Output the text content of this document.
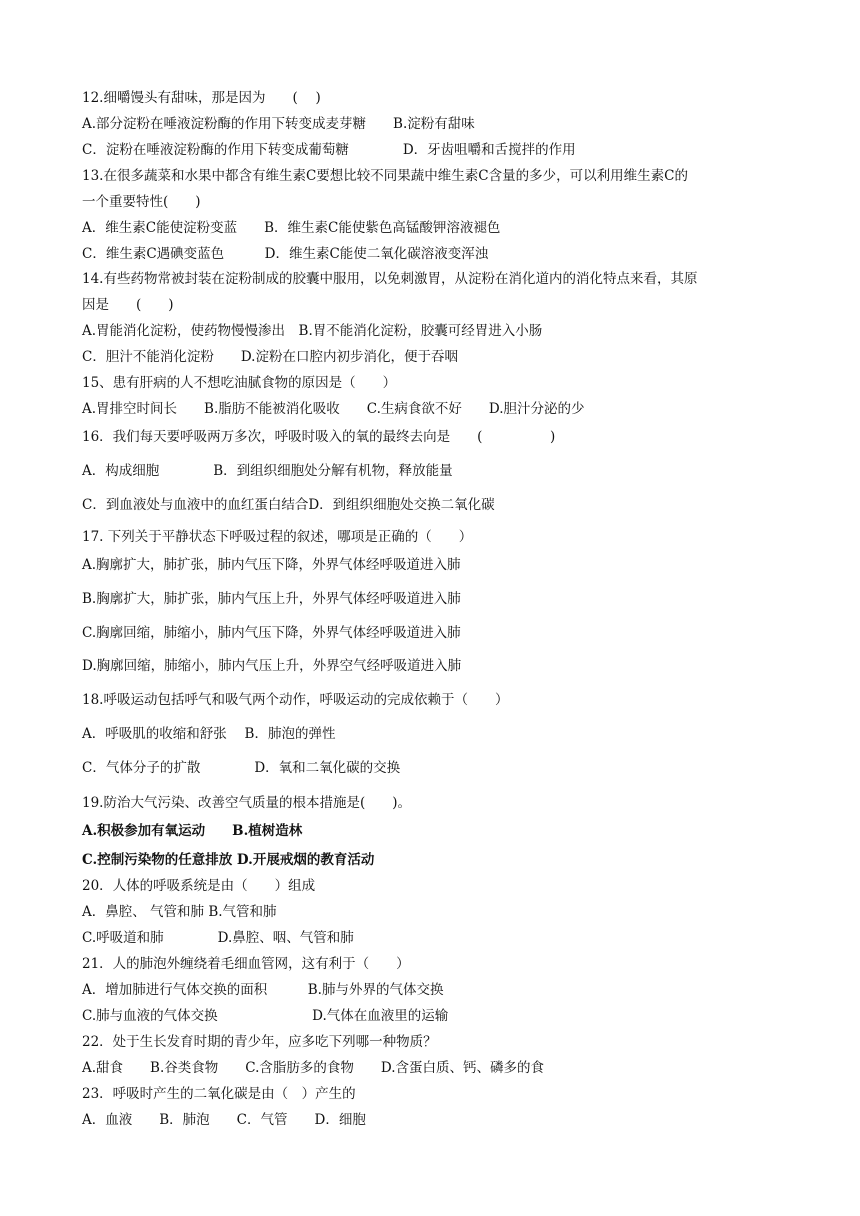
12.细嚼馒头有甜味，那是因为　　(　 )
A.部分淀粉在唾液淀粉酶的作用下转变成麦芽糖　　B.淀粉有甜味
C．淀粉在唾液淀粉酶的作用下转变成葡萄糖　　　　D．牙齿咀嚼和舌搅拌的作用
13.在很多蔬菜和水果中都含有维生素C要想比较不同果蔬中维生素C含量的多少，可以利用维生素C的
一个重要特性(　　)
A．维生素C能使淀粉变蓝　　B．维生素C能使紫色高锰酸钾溶液褪色
C．维生素C遇碘变蓝色　　　D．维生素C能使二氧化碳溶液变浑浊
14.有些药物常被封装在淀粉制成的胶囊中服用，以免刺激胃，从淀粉在消化道内的消化特点来看，其原
因是　　(　　)
A.胃能消化淀粉，使药物慢慢渗出　B.胃不能消化淀粉，胶囊可经胃进入小肠
C．胆汁不能消化淀粉　　D.淀粉在口腔内初步消化，便于吞咽
15、患有肝病的人不想吃油腻食物的原因是（　　）
A.胃排空时间长　　B.脂肪不能被消化吸收　　C.生病食欲不好　　D.胆汁分泌的少
16．我们每天要呼吸两万多次，呼吸时吸入的氧的最终去向是　　(　　　　　)
A．构成细胞　　　　B．到组织细胞处分解有机物，释放能量
C．到血液处与血液中的血红蛋白结合D．到组织细胞处交换二氧化碳
17. 下列关于平静状态下呼吸过程的叙述，哪项是正确的（　　）
A.胸廓扩大，肺扩张，肺内气压下降，外界气体经呼吸道进入肺
B.胸廓扩大，肺扩张，肺内气压上升，外界气体经呼吸道进入肺
C.胸廓回缩，肺缩小，肺内气压下降，外界气体经呼吸道进入肺
D.胸廓回缩，肺缩小，肺内气压上升，外界空气经呼吸道进入肺
18.呼吸运动包括呼气和吸气两个动作，呼吸运动的完成依赖于（　　）
A．呼吸肌的收缩和舒张　 B．肺泡的弹性
C．气体分子的扩散　　　　D．氧和二氧化碳的交换
19.防治大气污染、改善空气质量的根本措施是(　　)。
A.积极参加有氧运动　　B.植树造林
C.控制污染物的任意排放 D.开展戒烟的教育活动
20．人体的呼吸系统是由（　　）组成
A．鼻腔、 气管和肺 B.气管和肺
C.呼吸道和肺　　　　D.鼻腔、咽、气管和肺
21．人的肺泡外缠绕着毛细血管网，这有利于（　　）
A．增加肺进行气体交换的面积　　　B.肺与外界的气体交换
C.肺与血液的气体交换　　　　　　　D.气体在血液里的运输
22．处于生长发育时期的青少年，应多吃下列哪一种物质？
A.甜食　　B.谷类食物　　C.含脂肪多的食物　　D.含蛋白质、钙、磷多的食
23．呼吸时产生的二氧化碳是由（　）产生的
A．血液　　B．肺泡　　C．气管　　D．细胞
